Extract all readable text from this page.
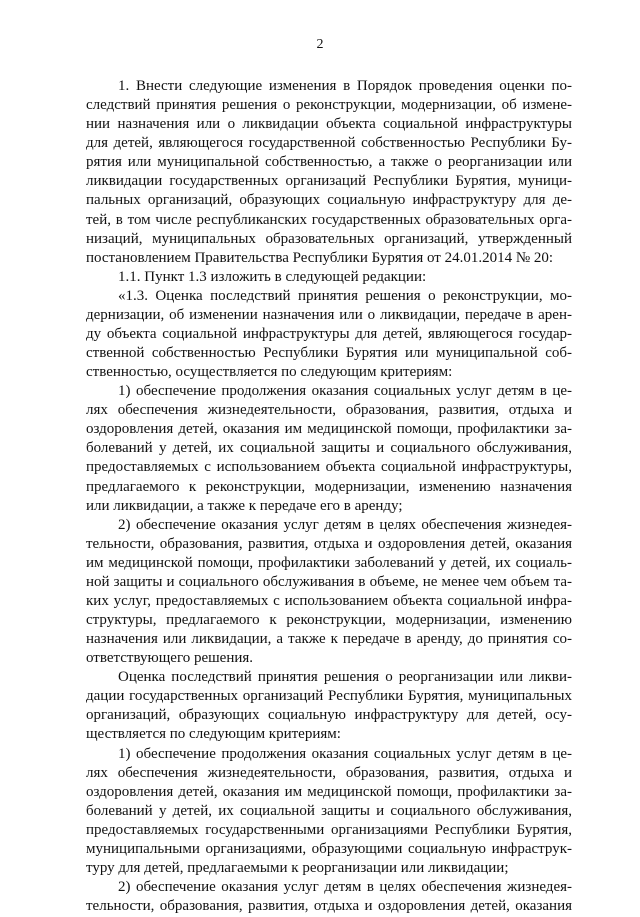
2
1. Внести следующие изменения в Порядок проведения оценки по-
следствий принятия решения о реконструкции, модернизации, об измене-
нии назначения или о ликвидации объекта социальной инфраструктуры
для детей, являющегося государственной собственностью Республики Бу-
рятия или муниципальной собственностью, а также о реорганизации или
ликвидации государственных организаций Республики Бурятия, муници-
пальных организаций, образующих социальную инфраструктуру для де-
тей, в том числе республиканских государственных образовательных орга-
низаций, муниципальных образовательных организаций, утвержденный
постановлением Правительства Республики Бурятия от 24.01.2014 № 20:
1.1. Пункт 1.3 изложить в следующей редакции:
«1.3. Оценка последствий принятия решения о реконструкции, мо-
дернизации, об изменении назначения или о ликвидации, передаче в арен-
ду объекта социальной инфраструктуры для детей, являющегося государ-
ственной собственностью Республики Бурятия или муниципальной соб-
ственностью, осуществляется по следующим критериям:
1) обеспечение продолжения оказания социальных услуг детям в це-
лях обеспечения жизнедеятельности, образования, развития, отдыха и
оздоровления детей, оказания им медицинской помощи, профилактики за-
болеваний у детей, их социальной защиты и социального обслуживания,
предоставляемых с использованием объекта социальной инфраструктуры,
предлагаемого к реконструкции, модернизации, изменению назначения
или ликвидации, а также к передаче его в аренду;
2) обеспечение оказания услуг детям в целях обеспечения жизнедея-
тельности, образования, развития, отдыха и оздоровления детей, оказания
им медицинской помощи, профилактики заболеваний у детей, их социаль-
ной защиты и социального обслуживания в объеме, не менее чем объем та-
ких услуг, предоставляемых с использованием объекта социальной инфра-
структуры, предлагаемого к реконструкции, модернизации, изменению
назначения или ликвидации, а также к передаче в аренду, до принятия со-
ответствующего решения.
Оценка последствий принятия решения о реорганизации или ликви-
дации государственных организаций Республики Бурятия, муниципальных
организаций, образующих социальную инфраструктуру для детей, осу-
ществляется по следующим критериям:
1) обеспечение продолжения оказания социальных услуг детям в це-
лях обеспечения жизнедеятельности, образования, развития, отдыха и
оздоровления детей, оказания им медицинской помощи, профилактики за-
болеваний у детей, их социальной защиты и социального обслуживания,
предоставляемых государственными организациями Республики Бурятия,
муниципальными организациями, образующими социальную инфраструк-
туру для детей, предлагаемыми к реорганизации или ликвидации;
2) обеспечение оказания услуг детям в целях обеспечения жизнедея-
тельности, образования, развития, отдыха и оздоровления детей, оказания
